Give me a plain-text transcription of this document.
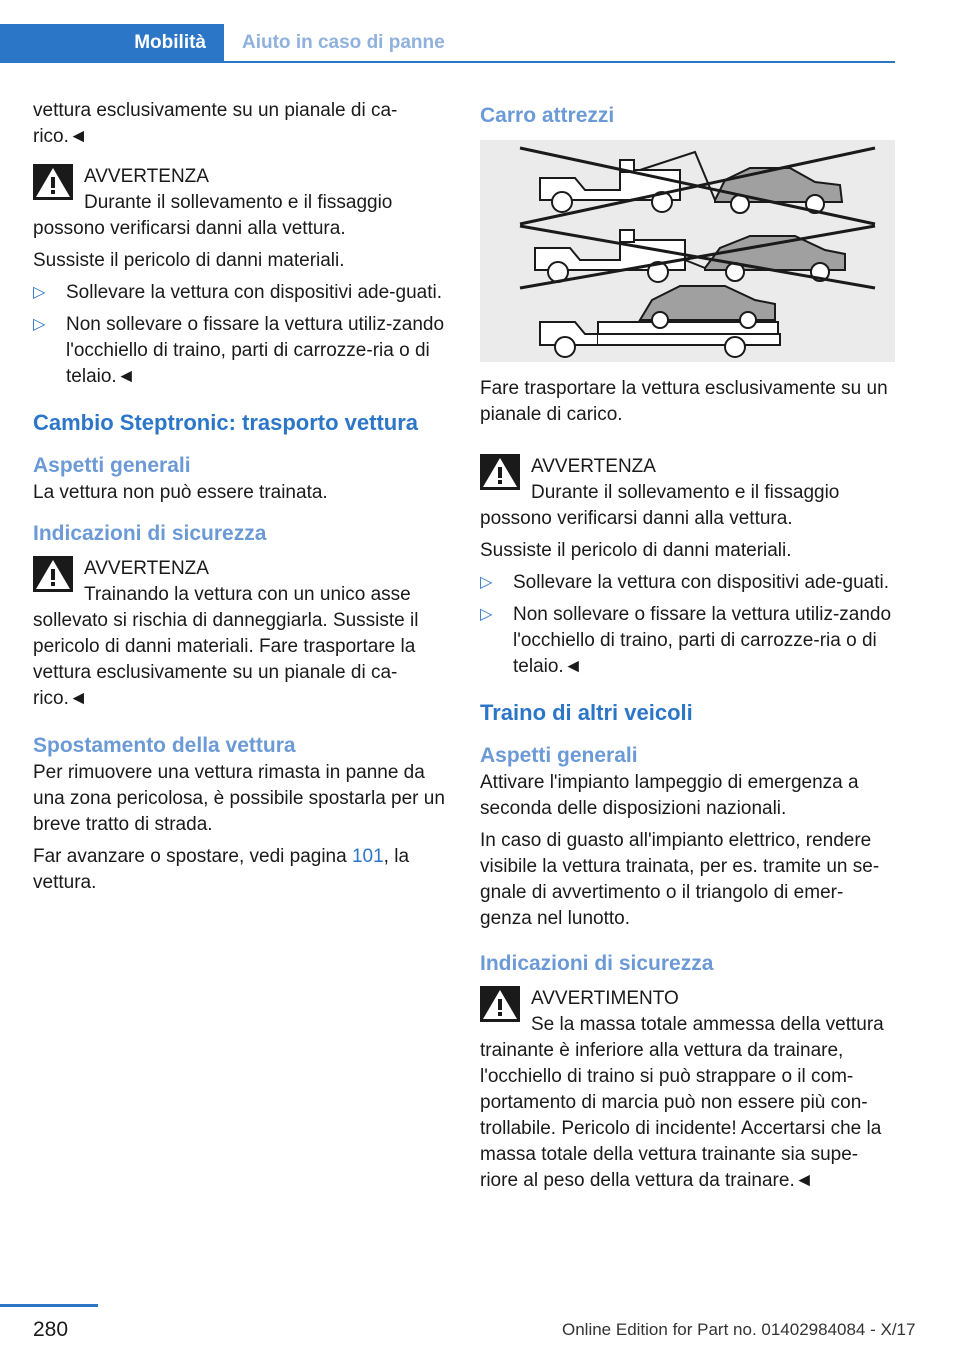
Mobilità	Aiuto in caso di panne

vettura esclusivamente su un pianale di ca-rico.◄

AVVERTENZA

Durante il sollevamento e il fissaggio possono verificarsi danni alla vettura.

Sussiste il pericolo di danni materiali.

▷ Sollevare la vettura con dispositivi ade-guati.
▷ Non sollevare o fissare la vettura utiliz-zando l'occhiello di traino, parti di carrozze-ria o di telaio.◄
Cambio Steptronic: trasporto vettura
Aspetti generali

La vettura non può essere trainata.

Indicazioni di sicurezza
AVVERTENZA

Trainando la vettura con un unico asse sollevato si rischia di danneggiarla. Sussiste il pericolo di danni materiali. Fare trasportare la vettura esclusivamente su un pianale di ca-rico.◄

Spostamento della vettura

Per rimuovere una vettura rimasta in panne da una zona pericolosa, è possibile spostarla per un breve tratto di strada.

Far avanzare o spostare, vedi pagina 101, la vettura.

Carro attrezzi

Fare trasportare la vettura esclusivamente su un pianale di carico.

AVVERTENZA

Durante il sollevamento e il fissaggio possono verificarsi danni alla vettura.

Sussiste il pericolo di danni materiali.

▷ Sollevare la vettura con dispositivi ade-guati.
▷ Non sollevare o fissare la vettura utiliz-zando l'occhiello di traino, parti di carrozze-ria o di telaio.◄
Traino di altri veicoli
Aspetti generali

Attivare l'impianto lampeggio di emergenza a seconda delle disposizioni nazionali.

In caso di guasto all'impianto elettrico, rendere visibile la vettura trainata, per es. tramite un se-gnale di avvertimento o il triangolo di emer-genza nel lunotto.

Indicazioni di sicurezza
AVVERTIMENTO

Se la massa totale ammessa della vettura trainante è inferiore alla vettura da trainare, l'occhiello di traino si può strappare o il com-portamento di marcia può non essere più con-trollabile. Pericolo di incidente! Accertarsi che la massa totale della vettura trainante sia supe-riore al peso della vettura da trainare.◄

280	Online Edition for Part no. 01402984084 - X/17
